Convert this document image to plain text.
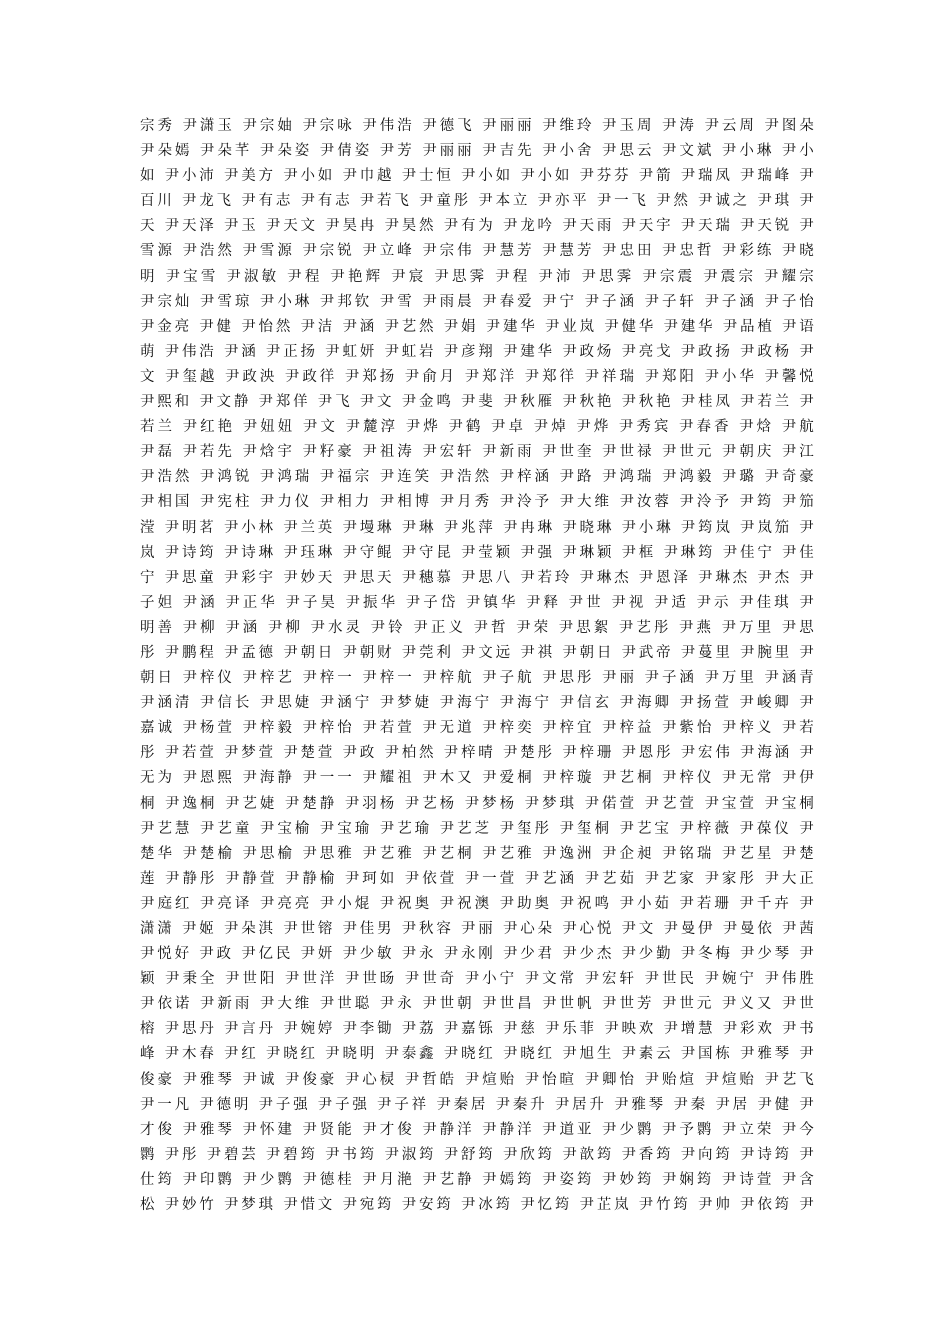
宗秀 尹潇玉 尹宗妯 尹宗咏 尹伟浩 尹德飞 尹丽丽 尹维玲 尹玉周 尹涛 尹云周 尹图朵
尹朵嫣 尹朵芊 尹朵姿 尹倩姿 尹芳 尹丽丽 尹吉先 尹小舍 尹思云 尹文斌 尹小琳 尹小
如 尹小沛 尹美方 尹小如 尹巾越 尹士恒 尹小如 尹小如 尹芬芬 尹箭 尹瑞凤 尹瑞峰 尹
百川 尹龙飞 尹有志 尹有志 尹若飞 尹童彤 尹本立 尹亦平 尹一飞 尹然 尹诚之 尹琪 尹
天 尹天泽 尹玉 尹天文 尹昊冉 尹昊然 尹有为 尹龙吟 尹天雨 尹天宇 尹天瑞 尹天锐 尹
雪源 尹浩然 尹雪源 尹宗锐 尹立峰 尹宗伟 尹慧芳 尹慧芳 尹忠田 尹忠哲 尹彩练 尹晓
明 尹宝雪 尹淑敏 尹程 尹艳辉 尹宸 尹思霁 尹程 尹沛 尹思霁 尹宗震 尹震宗 尹耀宗
尹宗灿 尹雪琼 尹小琳 尹邦钦 尹雪 尹雨晨 尹春爱 尹宁 尹子涵 尹子轩 尹子涵 尹子怡
尹金亮 尹健 尹怡然 尹洁 尹涵 尹艺然 尹娟 尹建华 尹业岚 尹健华 尹建华 尹品植 尹语
萌 尹伟浩 尹涵 尹正扬 尹虹妍 尹虹岩 尹彦翔 尹建华 尹政炀 尹亮戈 尹政扬 尹政杨 尹
文 尹玺越 尹政泱 尹政徉 尹郑扬 尹俞月 尹郑洋 尹郑徉 尹祥瑞 尹郑阳 尹小华 尹馨悦
尹熙和 尹文静 尹郑佯 尹飞 尹文 尹金鸣 尹斐 尹秋雁 尹秋艳 尹秋艳 尹桂凤 尹若兰 尹
若兰 尹红艳 尹妞妞 尹文 尹麓淳 尹烨 尹鹤 尹卓 尹焯 尹烨 尹秀宾 尹春香 尹焓 尹航
尹磊 尹若先 尹焓宇 尹籽豪 尹祖涛 尹宏轩 尹新雨 尹世奎 尹世禄 尹世元 尹朝庆 尹江
尹浩然 尹鸿锐 尹鸿瑞 尹福宗 尹连笑 尹浩然 尹梓涵 尹路 尹鸿瑞 尹鸿毅 尹璐 尹奇豪
尹相国 尹宪柱 尹力仪 尹相力 尹相博 尹月秀 尹泠予 尹大维 尹汝蓉 尹泠予 尹筠 尹笳
滢 尹明茗 尹小林 尹兰英 尹墁琳 尹琳 尹兆萍 尹冉琳 尹晓琳 尹小琳 尹筠岚 尹岚笳 尹
岚 尹诗筠 尹诗琳 尹珏琳 尹守鲲 尹守昆 尹莹颖 尹强 尹琳颖 尹框 尹琳筠 尹佳宁 尹佳
宁 尹思童 尹彩宇 尹妙天 尹思天 尹穗慕 尹思八 尹若玲 尹琳杰 尹恩泽 尹琳杰 尹杰 尹
子妲 尹涵 尹正华 尹子昊 尹振华 尹子岱 尹镇华 尹释 尹世 尹视 尹适 尹示 尹佳琪 尹
明善 尹柳 尹涵 尹柳 尹水灵 尹铃 尹正义 尹哲 尹荣 尹思絮 尹艺彤 尹燕 尹万里 尹思
彤 尹鹏程 尹孟德 尹朝日 尹朝财 尹莞利 尹文远 尹祺 尹朝日 尹武帝 尹蔓里 尹腕里 尹
朝日 尹梓仪 尹梓艺 尹梓一 尹梓一 尹梓航 尹子航 尹思彤 尹丽 尹子涵 尹万里 尹涵青
尹涵清 尹信长 尹思婕 尹涵宁 尹梦婕 尹海宁 尹海宁 尹信玄 尹海卿 尹扬萱 尹峻卿 尹
嘉诚 尹杨萱 尹梓毅 尹梓怡 尹若萱 尹无道 尹梓奕 尹梓宜 尹梓益 尹紫怡 尹梓义 尹若
彤 尹若萱 尹梦萱 尹楚萱 尹政 尹柏然 尹梓晴 尹楚彤 尹梓珊 尹恩彤 尹宏伟 尹海涵 尹
无为 尹恩熙 尹海静 尹一一 尹耀祖 尹木又 尹爱桐 尹梓璇 尹艺桐 尹梓仪 尹无常 尹伊
桐 尹逸桐 尹艺婕 尹楚静 尹羽杨 尹艺杨 尹梦杨 尹梦琪 尹偌萱 尹艺萱 尹宝萱 尹宝桐
尹艺慧 尹艺童 尹宝榆 尹宝瑜 尹艺瑜 尹艺芝 尹玺彤 尹玺桐 尹艺宝 尹梓薇 尹葆仪 尹
楚华 尹楚榆 尹思榆 尹思雅 尹艺雅 尹艺桐 尹艺雅 尹逸洲 尹企昶 尹铭瑞 尹艺星 尹楚
莲 尹静彤 尹静萱 尹静榆 尹珂如 尹依萱 尹一萱 尹艺涵 尹艺茹 尹艺家 尹家彤 尹大正
尹庭红 尹亮译 尹亮亮 尹小焜 尹祝奥 尹祝澳 尹助奥 尹祝鸣 尹小茹 尹若珊 尹千卉 尹
潇潇 尹姬 尹朵淇 尹世镕 尹佳男 尹秋容 尹丽 尹心朵 尹心悦 尹文 尹曼伊 尹曼依 尹茜
尹悦好 尹政 尹亿民 尹妍 尹少敏 尹永 尹永刚 尹少君 尹少杰 尹少勤 尹冬梅 尹少琴 尹
颖 尹秉全 尹世阳 尹世洋 尹世旸 尹世奇 尹小宁 尹文常 尹宏轩 尹世民 尹婉宁 尹伟胜
尹依诺 尹新雨 尹大维 尹世聪 尹永 尹世朝 尹世昌 尹世帆 尹世芳 尹世元 尹义又 尹世
榕 尹思丹 尹言丹 尹婉婷 尹李锄 尹荔 尹嘉铄 尹慈 尹乐菲 尹映欢 尹增慧 尹彩欢 尹书
峰 尹木春 尹红 尹晓红 尹晓明 尹泰鑫 尹晓红 尹晓红 尹旭生 尹素云 尹国栋 尹雅琴 尹
俊豪 尹雅琴 尹诚 尹俊豪 尹心棂 尹哲皓 尹煊贻 尹怡暄 尹卿怡 尹贻煊 尹煊贻 尹艺飞
尹一凡 尹德明 尹子强 尹子强 尹子祥 尹秦居 尹秦升 尹居升 尹雅琴 尹秦 尹居 尹健 尹
才俊 尹雅琴 尹怀建 尹贤能 尹才俊 尹静洋 尹静洋 尹道亚 尹少鹮 尹予鹮 尹立荣 尹今
鹮 尹彤 尹碧芸 尹碧筠 尹书筠 尹淑筠 尹舒筠 尹欣筠 尹歆筠 尹香筠 尹向筠 尹诗筠 尹
仕筠 尹印鹮 尹少鹮 尹德桂 尹月滟 尹艺静 尹嫣筠 尹姿筠 尹妙筠 尹娴筠 尹诗萱 尹含
松 尹妙竹 尹梦琪 尹惜文 尹宛筠 尹安筠 尹冰筠 尹忆筠 尹芷岚 尹竹筠 尹帅 尹依筠 尹
